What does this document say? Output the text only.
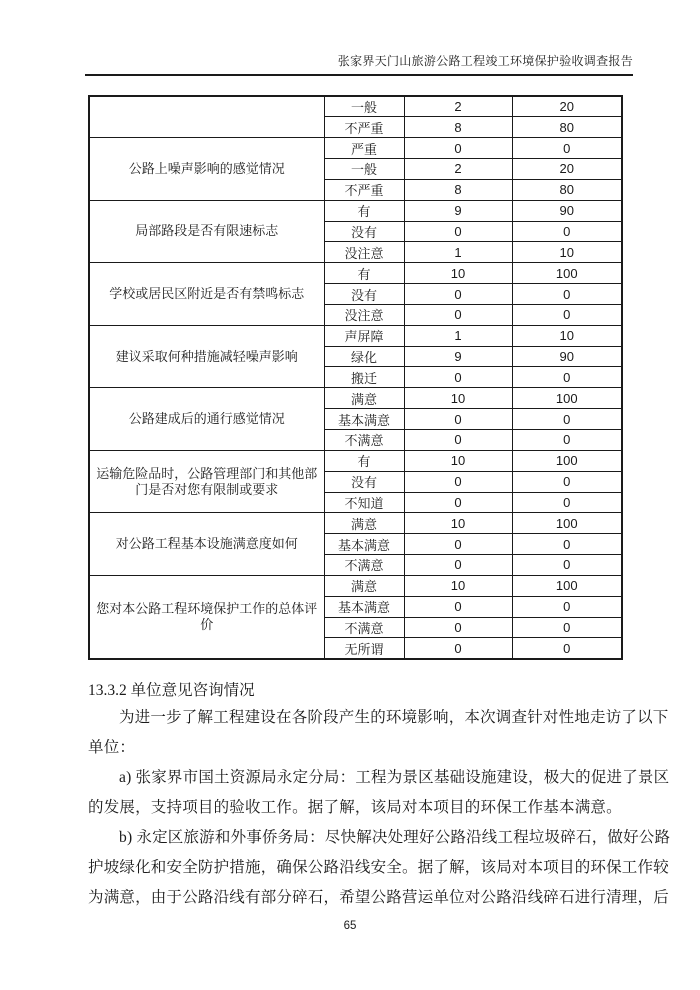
张家界天门山旅游公路工程竣工环境保护验收调查报告
	一般	2	20
	不严重	8	80
公路上噪声影响的感觉情况	严重	0	0
	一般	2	20
	不严重	8	80
局部路段是否有限速标志	有	9	90
	没有	0	0
	没注意	1	10
学校或居民区附近是否有禁鸣标志	有	10	100
	没有	0	0
	没注意	0	0
建议采取何种措施减轻噪声影响	声屏障	1	10
	绿化	9	90
	搬迁	0	0
公路建成后的通行感觉情况	满意	10	100
	基本满意	0	0
	不满意	0	0
运输危险品时，公路管理部门和其他部门是否对您有限制或要求	有	10	100
	没有	0	0
	不知道	0	0
对公路工程基本设施满意度如何	满意	10	100
	基本满意	0	0
	不满意	0	0
您对本公路工程环境保护工作的总体评价	满意	10	100
	基本满意	0	0
	不满意	0	0
	无所谓	0	0
13.3.2 单位意见咨询情况
为进一步了解工程建设在各阶段产生的环境影响，本次调查针对性地走访了以下
单位：
a) 张家界市国土资源局永定分局：工程为景区基础设施建设，极大的促进了景区
的发展，支持项目的验收工作。据了解，该局对本项目的环保工作基本满意。
b) 永定区旅游和外事侨务局：尽快解决处理好公路沿线工程垃圾碎石，做好公路
护坡绿化和安全防护措施，确保公路沿线安全。据了解，该局对本项目的环保工作较
为满意，由于公路沿线有部分碎石，希望公路营运单位对公路沿线碎石进行清理，后
65
